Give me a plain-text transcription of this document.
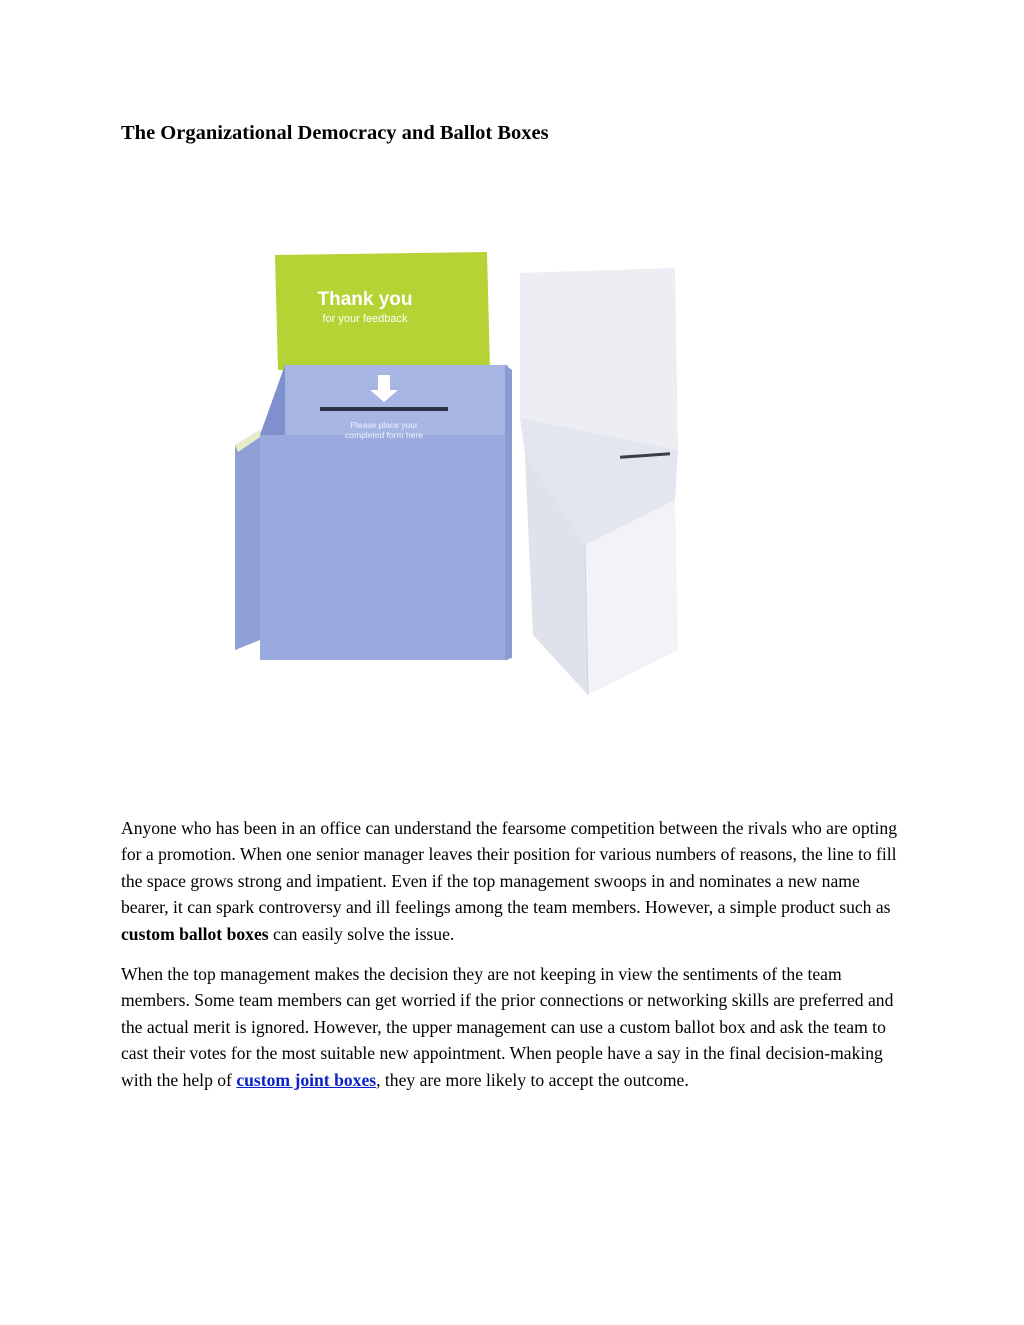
The Organizational Democracy and Ballot Boxes
Thank you
for your feedback
Please place your
completed form here

Anyone who has been in an office can understand the fearsome competition between the rivals who are opting for a promotion. When one senior manager leaves their position for various numbers of reasons, the line to fill the space grows strong and impatient. Even if the top management swoops in and nominates a new name bearer, it can spark controversy and ill feelings among the team members. However, a simple product such as custom ballot boxes can easily solve the issue.

When the top management makes the decision they are not keeping in view the sentiments of the team members. Some team members can get worried if the prior connections or networking skills are preferred and the actual merit is ignored. However, the upper management can use a custom ballot box and ask the team to cast their votes for the most suitable new appointment. When people have a say in the final decision-making with the help of custom joint boxes, they are more likely to accept the outcome.
